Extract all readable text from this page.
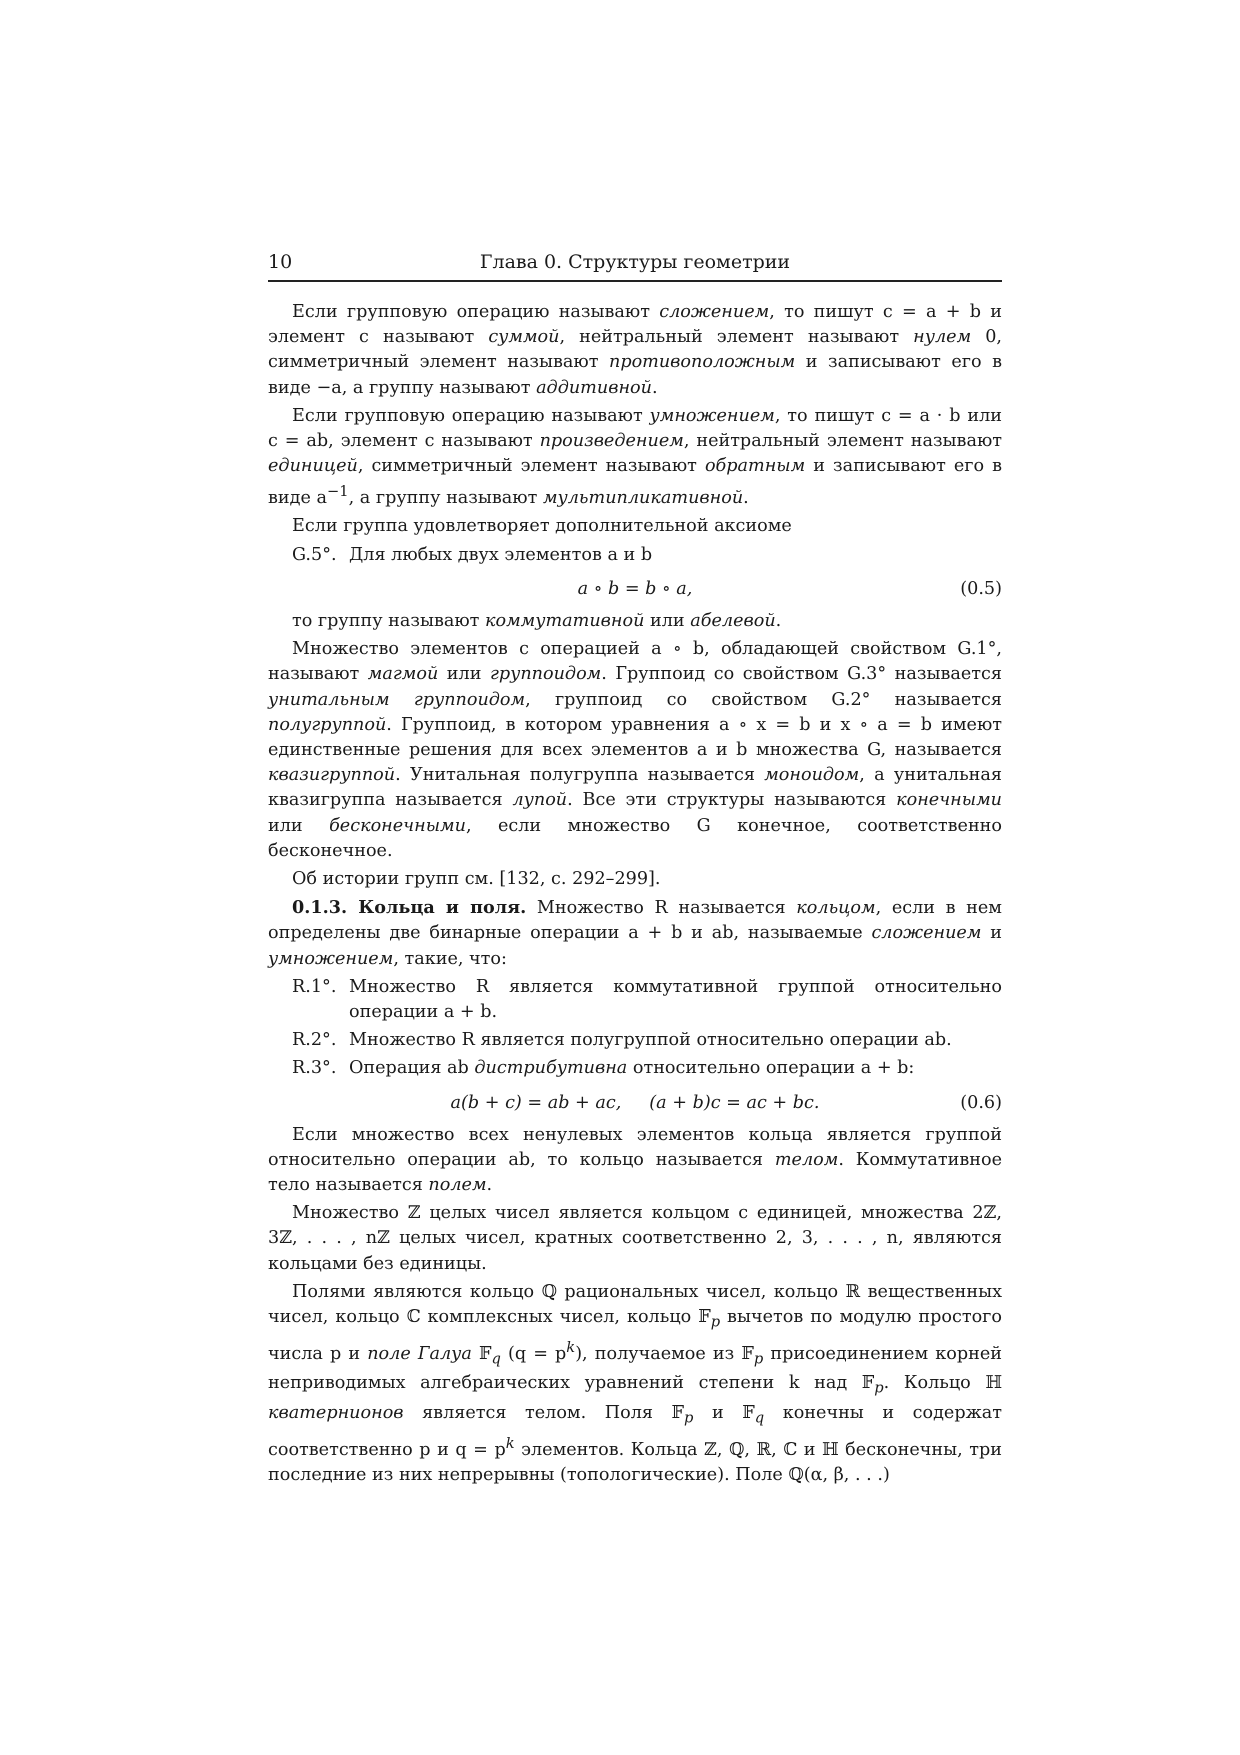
10	Глава 0. Структуры геометрии

Если групповую операцию называют сложением, то пишут c = a + b и элемент c называют суммой, нейтральный элемент называют нулем 0, симметричный элемент называют противоположным и записывают его в виде −a, а группу называют аддитивной.

Если групповую операцию называют умножением, то пишут c = a · b или c = ab, элемент c называют произведением, нейтральный элемент называют единицей, симметричный элемент называют обратным и записывают его в виде $a^{-1}$, а группу называют мультипликативной.

Если группа удовлетворяет дополнительной аксиоме

G.5°. Для любых двух элементов a и b
a ∘ b = b ∘ a,	(0.5)

то группу называют коммутативной или абелевой.

Множество элементов с операцией a ∘ b, обладающей свойством G.1°, называют магмой или группоидом. Группоид со свойством G.3° называется унитальным группоидом, группоид со свойством G.2° называется полугруппой. Группоид, в котором уравнения a ∘ x = b и x ∘ a = b имеют единственные решения для всех элементов a и b множества G, называется квазигруппой. Унитальная полугруппа называется моноидом, а унитальная квазигруппа называется лупой. Все эти структуры называются конечными или бесконечными, если множество G конечное, соответственно бесконечное.

Об истории групп см. [132, с. 292–299].

0.1.3. Кольца и поля. Множество R называется кольцом, если в нем определены две бинарные операции a + b и ab, называемые сложением и умножением, такие, что:

R.1°. Множество R является коммутативной группой относительно операции a + b.
R.2°. Множество R является полугруппой относительно операции ab.
R.3°. Операция ab дистрибутивна относительно операции a + b:
a(b + c) = ab + ac,     (a + b)c = ac + bc.	(0.6)

Если множество всех ненулевых элементов кольца является группой относительно операции ab, то кольцо называется телом. Коммутативное тело называется полем.

Множество ℤ целых чисел является кольцом с единицей, множества 2ℤ, 3ℤ, . . . , nℤ целых чисел, кратных соответственно 2, 3, . . . , n, являются кольцами без единицы.

Полями являются кольцо ℚ рациональных чисел, кольцо ℝ вещественных чисел, кольцо ℂ комплексных чисел, кольцо 𝔽$_p$ вычетов по модулю простого числа p и поле Галуа 𝔽$_q$ $(q = p^k)$, получаемое из 𝔽$_p$ присоединением корней неприводимых алгебраических уравнений степени k над 𝔽$_p$. Кольцо ℍ кватернионов является телом. Поля 𝔽$_p$ и 𝔽$_q$ конечны и содержат соответственно p и $q = p^k$ элементов. Кольца ℤ, ℚ, ℝ, ℂ и ℍ бесконечны, три последние из них непрерывны (топологические). Поле ℚ(α, β, . . .)
